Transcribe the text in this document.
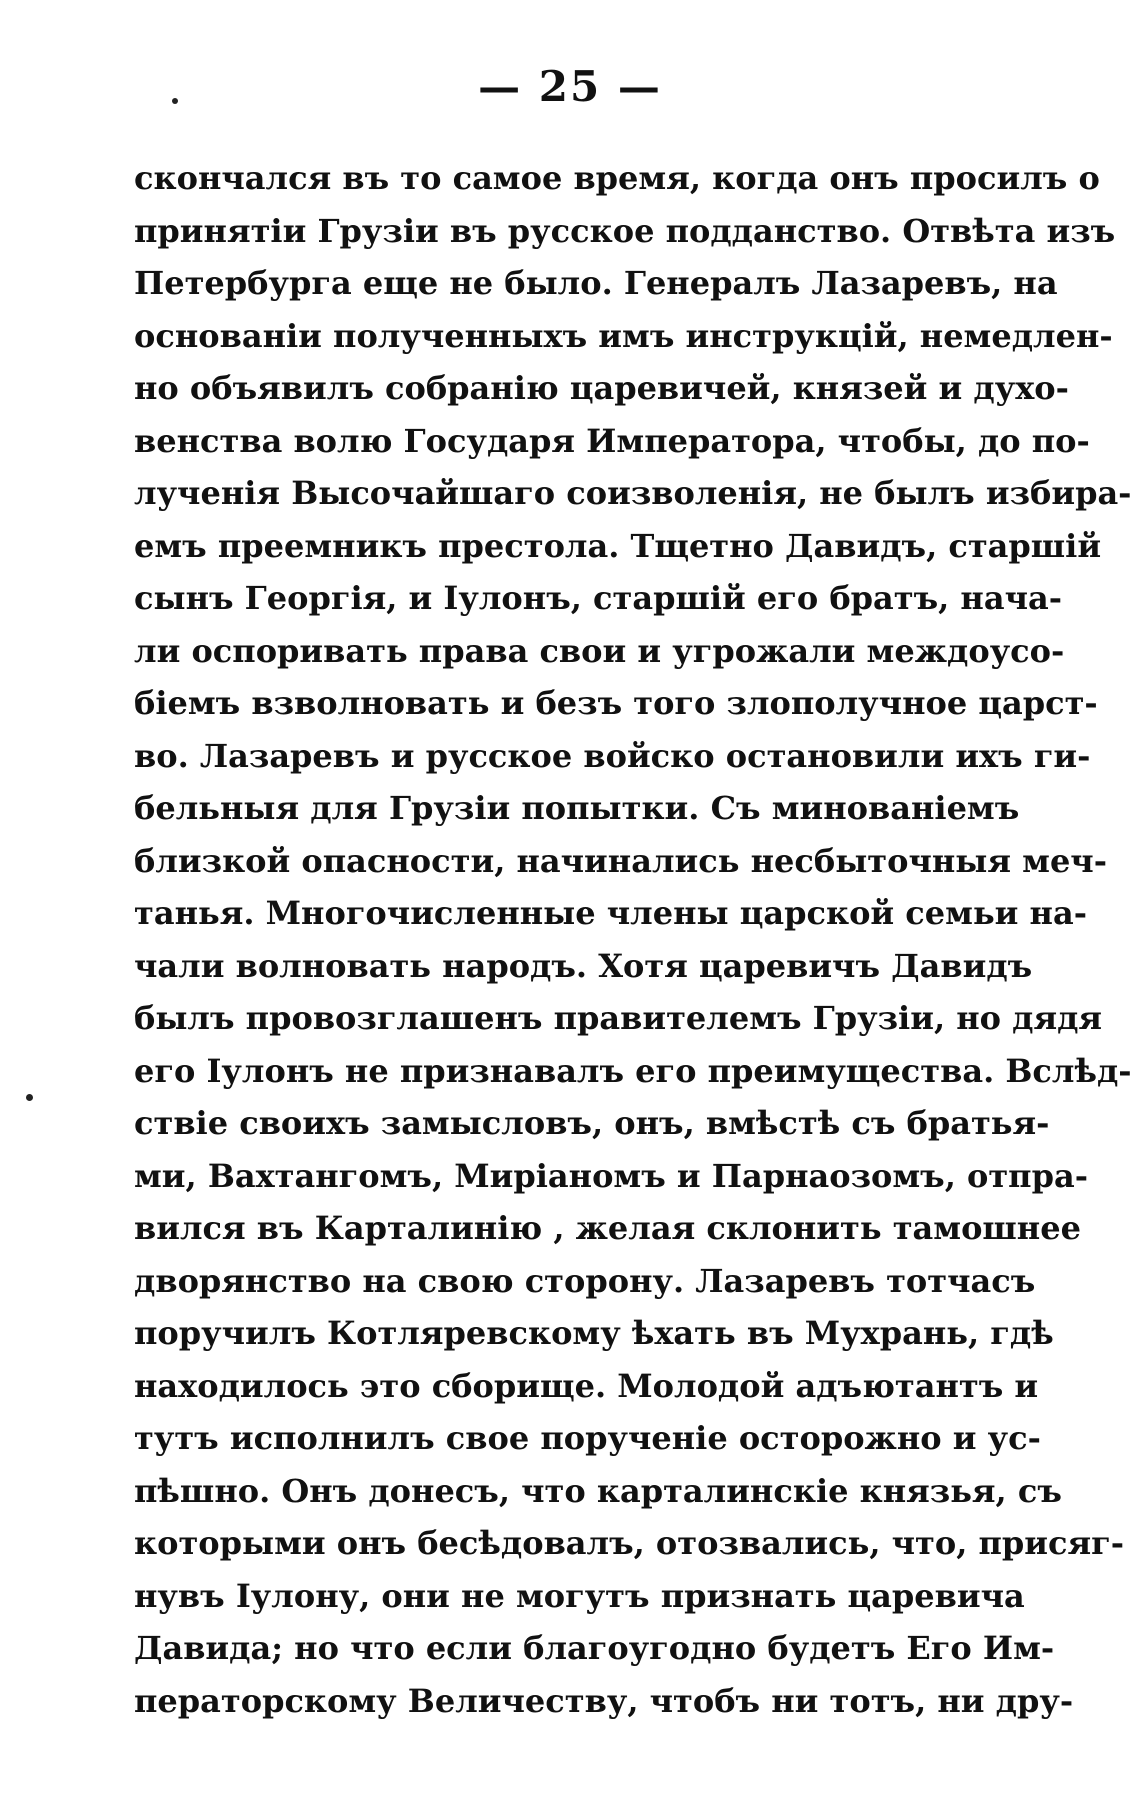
— 25 —
скончался въ то самое время, когда онъ просилъ о
принятіи Грузіи въ русское подданство. Отвѣта изъ
Петербурга еще не было. Генералъ Лазаревъ, на
основаніи полученныхъ имъ инструкцій, немедлен-
но объявилъ собранію царевичей, князей и духо-
венства волю Государя Императора, чтобы, до по-
лученія Высочайшаго соизволенія, не былъ избира-
емъ преемникъ престола. Тщетно Давидъ, старшій
сынъ Георгія, и Іулонъ, старшій его братъ, нача-
ли оспоривать права свои и угрожали междоусо-
біемъ взволновать и безъ того злополучное царст-
во. Лазаревъ и русское войско остановили ихъ ги-
бельныя для Грузіи попытки. Съ минованіемъ
близкой опасности, начинались несбыточныя меч-
танья. Многочисленные члены царской семьи на-
чали волновать народъ. Хотя царевичъ Давидъ
былъ провозглашенъ правителемъ Грузіи, но дядя
его Іулонъ не признавалъ его преимущества. Вслѣд-
ствіе своихъ замысловъ, онъ, вмѣстѣ съ братья-
ми, Вахтангомъ, Миріаномъ и Парнаозомъ, отпра-
вился въ Карталинію , желая склонить тамошнее
дворянство на свою сторону. Лазаревъ тотчасъ
поручилъ Котляревскому ѣхать въ Мухрань, гдѣ
находилось это сборище. Молодой адъютантъ и
тутъ исполнилъ свое порученіе осторожно и ус-
пѣшно. Онъ донесъ, что карталинскіе князья, съ
которыми онъ бесѣдовалъ, отозвались, что, присяг-
нувъ Іулону, они не могутъ признать царевича
Давида; но что если благоугодно будетъ Его Им-
ператорскому Величеству, чтобъ ни тотъ, ни дру-
